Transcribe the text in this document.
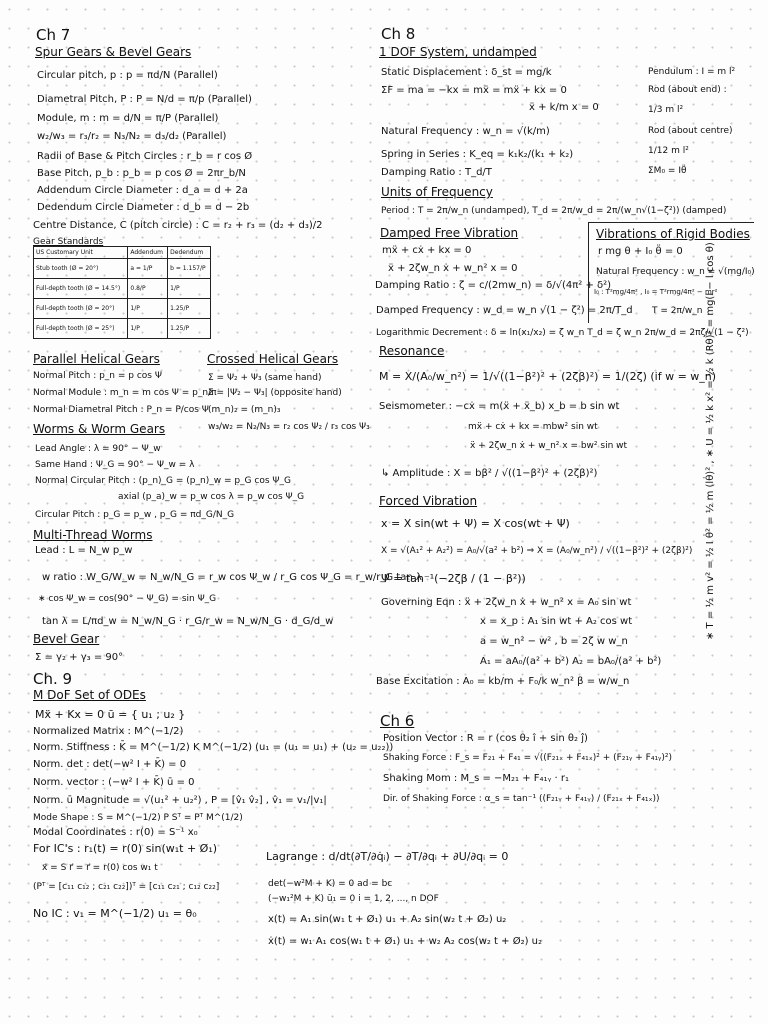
Ch 7
Spur Gears & Bevel Gears
Circular pitch, p : p = πd/N (Parallel)
Diametral Pitch, P : P = N/d = π/p (Parallel)
Module, m : m = d/N = π/P (Parallel)
w₂/w₃ = r₃/r₂ = N₃/N₂ = d₃/d₂ (Parallel)
Radii of Base & Pitch Circles : r_b = r cos Ø
Base Pitch, p_b : p_b = p cos Ø = 2πr_b/N
Addendum Circle Diameter : d_a = d + 2a
Dedendum Circle Diameter : d_b = d − 2b
Centre Distance, C (pitch circle) : C = r₂ + r₃ = (d₂ + d₃)/2
Gear Standards
US Customary Unit	Addendum	Dedendum
Stub tooth (Ø = 20°)	a = 1/P	b = 1.157/P
Full-depth tooth (Ø = 14.5°)	0.8/P	1/P
Full-depth tooth (Ø = 20°)	1/P	1.25/P
Full-depth tooth (Ø = 25°)	1/P	1.25/P
Parallel Helical Gears
Normal Pitch : p_n = p cos Ψ
Normal Module : m_n = m cos Ψ = p_n/π
Normal Diametral Pitch : P_n = P/cos Ψ
Crossed Helical Gears
Σ = Ψ₂ + Ψ₃ (same hand)
Σ = |Ψ₂ − Ψ₃| (opposite hand)
(m_n)₂ = (m_n)₃
w₃/w₂ = N₂/N₃ = r₂ cos Ψ₂ / r₃ cos Ψ₃
Worms & Worm Gears
Lead Angle : λ = 90° − Ψ_w
Same Hand : Ψ_G = 90° − Ψ_w = λ
Normal Circular Pitch : (p_n)_G = (p_n)_w = p_G cos Ψ_G
axial (p_a)_w = p_w cos λ = p_w cos Ψ_G
Circular Pitch : p_G = p_w , p_G = πd_G/N_G
Multi-Thread Worms
Lead : L = N_w p_w
w ratio : W_G/W_w = N_w/N_G = r_w cos Ψ_w / r_G cos Ψ_G = r_w/r_G tan λ
∗ cos Ψ_w = cos(90° − Ψ_G) = sin Ψ_G
tan λ = L/πd_w = N_w/N_G · r_G/r_w = N_w/N_G · d_G/d_w
Bevel Gear
Σ = γ₂ + γ₃ = 90°
Ch. 9
M DoF Set of ODEs
Mẍ + Kx = 0 ū = { u₁ ; u₂ }
Normalized Matrix : M^(−1/2)
Norm. Stiffness : K̄ = M^(−1/2) K M^(−1/2) (u₁ = (u₁ = u₁) + (u₂ = u₂₂))
Norm. det : det(−w² I + K̄) = 0
Norm. vector : (−w² I + K̄) ū = 0
Norm. ū Magnitude = √(u₁² + u₂²) , P = [v̂₁ v̂₂] , v̂₁ = v₁/|v₁|
Mode Shape : S = M^(−1/2) P Sᵀ = Pᵀ M^(1/2)
Modal Coordinates : r(0) = S⁻¹ x₀
For IC's : r₁(t) = r(0) sin(w₁t + Ø₁)
x⃗ = S r⃗ = r⃗ = r(0) cos w₁ t
(Pᵀ = [c₁₁ c₁₂ ; c₂₁ c₂₂])ᵀ = [c₁₁ c₂₁ ; c₁₂ c₂₂]
No IC : v₁ = M^(−1/2) u₁ = θ₀
Lagrange : d/dt(∂T/∂q̇ᵢ) − ∂T/∂qᵢ + ∂U/∂qᵢ = 0
det(−w²M + K) = 0 ad = bc
(−w₁²M + K) ū₁ = 0 i = 1, 2, ..., n DOF
x(t) = A₁ sin(w₁ t + Ø₁) u₁ + A₂ sin(w₂ t + Ø₂) u₂
ẋ(t) = w₁ A₁ cos(w₁ t + Ø₁) u₁ + w₂ A₂ cos(w₂ t + Ø₂) u₂
Ch 8
1 DOF System, undamped
Static Displacement : δ_st = mg/k
ΣF = ma = −kx = mẍ = mẍ + kx = 0
ẍ + k/m x = 0
Natural Frequency : w_n = √(k/m)
Spring in Series : K_eq = k₁k₂/(k₁ + k₂)
Damping Ratio : T_d/T
Pendulum : I = m l²
Rod (about end) :
1/3 m l²
Rod (about centre)
1/12 m l²
ΣM₀ = Iθ̈
Units of Frequency
Period : T = 2π/w_n (undamped), T_d = 2π/w_d = 2π/(w_n√(1−ζ²)) (damped)
Damped Free Vibration
mẍ + cẋ + kx = 0
ẍ + 2ζw_n ẋ + w_n² x = 0
Damping Ratio : ζ = c/(2mw_n) = δ/√(4π² + δ²)
Damped Frequency : w_d = w_n √(1 − ζ²) = 2π/T_d
Logarithmic Decrement : δ = ln(x₁/x₂) = ζ w_n T_d = ζ w_n 2π/w_d = 2πζ/√(1 − ζ²)
Vibrations of Rigid Bodies
r mg θ + I₀ θ̈ = 0
Natural Frequency : w_n = √(mg/I₀)
I₀ : T²mg/4π² , I₀ = T²rmg/4π² − mr²
T = 2π/w_n
Resonance
M = X/(A₀/w_n²) = 1/√((1−β²)² + (2ζβ)²) = 1/(2ζ) (if w = w_n)
Seismometer : −cẋ = m(ẍ + ẍ_b) x_b = b sin wt
mẍ + cẋ + kx = mbw² sin wt
ẍ + 2ζw_n ẋ + w_n² x = bw² sin wt
↳ Amplitude : X = bβ² / √((1−β²)² + (2ζβ)²)
Forced Vibration
x = X sin(wt + Ψ) = X cos(wt + Ψ)
X = √(A₁² + A₂²) = A₀/√(a² + b²) ⇒ X = (A₀/w_n²) / √((1−β²)² + (2ζβ)²)
Ψ = tan⁻¹(−2ζβ / (1 − β²))
Governing Eqn : ẍ + 2ζw_n ẋ + w_n² x = A₀ sin wt
x = x_p : A₁ sin wt + A₂ cos wt
a = w_n² − w² , b = 2ζ w w_n
A₁ = aA₀/(a² + b²) A₂ = bA₀/(a² + b²)
Base Excitation : A₀ = kb/m + F₀/k w_n² β = w/w_n
∗ T = ½ m v² = ½ I θ̇² = ½ m (lθ̇)² , ∗ U = ½ k x² = ½ k (Rθ)² = mg(l − l cos θ)
Ch 6
Position Vector : R = r (cos θ₂ î + sin θ₂ ĵ)
Shaking Force : F_s = F₂₁ + F₄₁ = √((F₂₁ₓ + F₄₁ₓ)² + (F₂₁ᵧ + F₄₁ᵧ)²)
Shaking Mom : M_s = −M₂₁ + F₄₁ᵧ · r₁
Dir. of Shaking Force : α_s = tan⁻¹ ((F₂₁ᵧ + F₄₁ᵧ) / (F₂₁ₓ + F₄₁ₓ))
